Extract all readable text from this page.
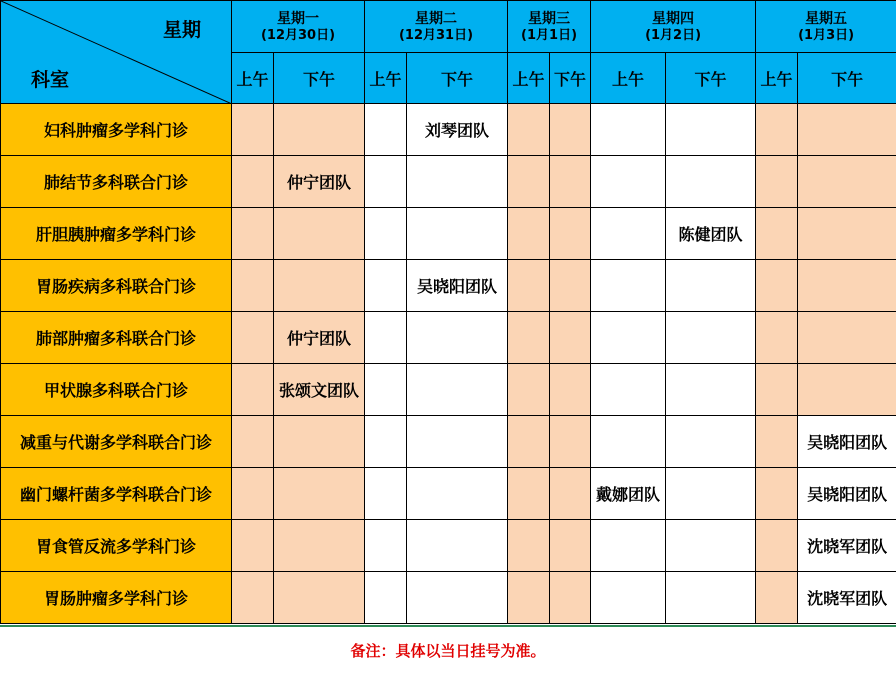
星期
科室	星期一
(12月30日)		星期二
(12月31日)		星期三
(1月1日)		星期四
(1月2日)		星期五
(1月3日)	

	上午	下午	上午	下午	上午	下午	上午	下午	上午	下午
妇科肿瘤多学科门诊				刘琴团队						
肺结节多科联合门诊		仲宁团队								
肝胆胰肿瘤多学科门诊								陈健团队		
胃肠疾病多科联合门诊				吴晓阳团队						
肺部肿瘤多科联合门诊		仲宁团队								
甲状腺多科联合门诊		张颂文团队								
减重与代谢多学科联合门诊										吴晓阳团队
幽门螺杆菌多学科联合门诊							戴娜团队			吴晓阳团队
胃食管反流多学科门诊										沈晓军团队
胃肠肿瘤多学科门诊										沈晓军团队
备注：具体以当日挂号为准。
